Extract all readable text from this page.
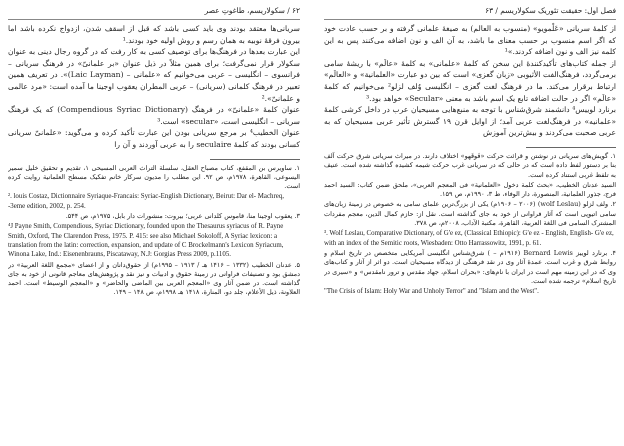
۶۲ / سکولاریسم، طاغوتِ عصر

سریانی‌ها معتقد بودند وی باید کسی باشد که قبل از اسقف شدن، ازدواج نکرده باشد اما بیرون فرقهٔ نوبیه به همان رسم و روش اولیه خود بودند.¹

این عبارت بعدها در فرهنگ‌ها برای توصیف کسی به کار رفت که در گروه رجال دینی به عنوان سکولار قرار نمی‌گرفت؛ برای همین مثلاً در ذیل عنوان «بر علمانیّ» در فرهنگ سریانی – فرانسوی – انگلیسی – عربی می‌خوانیم که «علمانی – (Laic Layman)». در تعریف همین تعبیر در فرهنگ کلمانی (سریانی) – عربی المطران یعقوب اوجینا ما آمده است: «مرد عالمی و علمانیّ».²

عنوان کلمهٔ «علمانیّ» در فرهنگ (Compendious Syriac Dictionary) که یک فرهنگ سریانی – انگلیسی است، «secular» است.³

عنوان الخطیب⁴ بر مرجع سریانی بودن این عبارت تأکید کرده و می‌گوید: «علمانیّ سریانی کسانی بودند که کلمهٔ seculaire را به عربی آوردند و آن را

۱. ساویرس بن المقفع، کتاب مصباح العقل، سلسلة التراث العربی المسیحی ۱، تقدیم و تحقیق خلیل سمیر الیسوعی، القاهرة، ۱۹۷۸م، ص ۹۲. این مطلب را مدیون سرکار خانم تفکیک مسطح العلمانیة روایت کرده است.

². louis Costaz, Dictionnaire Syriaque-Francais: Syriac-English Dictionary, Beirut: Dar el- Machreq, -3eme edition, 2002, p. 254.

۳. یعقوب اوجینا منا، قاموس کلدانی عربی؛ بیروت: منشورات دار بابل، ۱۹۷۵م، ص ۵۴۴.

⁴J Payne Smith, Compendious, Syriac Dictionary, founded upon the Thesaurus syriacus of R. Payne Smith, Oxford, The Clarendon Press, 1975. P. 415: see also Michael Sokoloff, A Syriac lexicon: a translation from the latin: correction, expansion, and update of C Brockelmann's Lexicon Syriacum, Winona Lake, Ind.: Eisenenbrauns, Piscataway, N.J: Gorgias Press 2009, p.1105.

۵. عدنان الخطیب (۱۳۳۲ – ۱۴۱۶ هـ / ۱۹۱۳ – ۱۹۹۵م) از حقوق‌دانان و از اعضای «مجمع اللغة العربیة» در دمشق بود و تصنیفات فراوانی در زمینهٔ حقوق و ادبیات و نیز نقد و پژوهش‌های معاجم قانونی از خود به جای گذاشته است. در ضمن آثار وی «المعجم العربی بین الماضی والحاضر» و «المعجم الوسیط» است. احمد العلاونة، ذیل الأعلام، جلد دو، المنارة، ۱۴۱۸ هـ ۱۹۹۸م، ص ۱۴۸ – ۱۴۹.

فصل اول: حقیقت تئوریک سکولاریسم / ۶۳

از کلمهٔ سریانی «عَلْمویو» (منسوب به العالم) به صیغهٔ علمانی گرفته و بر حسب عادت خود که اگر اسم منسوب بر حسب معنای ما باشد، به آن الف و نون اضافه می‌کنند پس به این کلمه نیز الف و نون اضافه کردند.»¹

از جمله کتاب‌های تأکیدکنندهٔ این سخن که کلمهٔ «علمانی» به کلمهٔ «عالَم» با ریشهٔ سامی برمی‌گردد، فرهنگ‌الفت الأثیوبی «زبان گعزی» است که بین دو عبارت «العلمانیة» و «العالَم» ارتباط برقرار می‌کند. ما در فرهنگ لغت گعزی – انگلیسی وُلف لزلو² می‌خوانیم که کلمهٔ «عالَم» اگر در حالت اضافه تابع یک اسم باشد به معنی «Secular» خواهد بود.³

برنارد لوییس⁴ دانشمند شرق‌شناس با توجه به منبع‌هایی مسیحیان عرب در داخل کرشی کلمهٔ «علمانیه» در فرهنگ‌لغت عربی آمد؛ از اوایل قرن ۱۹ گسترش تأثیر عربی مسیحیان که به عربی صحبت می‌کردند و بیش‌ترین آموزش

۱. گویش‌های سریانی در نوشتن و قرائت حرکت «فَوقَهو» اختلاف دارند. در میراث سریانی شرق حرکت آلف بنا بر دستور لفظ داده است که در حالی که در سریانی غرب حرکت شیمه کشیده گذاشته شده است. عنیف به تلفظ غربی استناد کرده است.

السید عدنان الخطیب، «بحث کلمة دخول «العلمانیة» فی المعجم العربی»، ملحق ضمن کتاب: السید احمد فرج، جذور العلمانیة، المنصورة، دار الوفاء، ط ۳، ۱۹۹۰م، ص ۱۵۹.

۲. ولف لزلو (wolf Leslau) (۱۹۰۶ – ۲۰۰۶م) یکی از بزرگ‌ترین علمای سامی به خصوص در زمینهٔ زبان‌های سامی اتیوپی است که آثار فراوانی از خود به جای گذاشته است. نقل از: حازم کمال الدین، معجم مفردات المشترک السامی فی اللغة العربیة، القاهرة، مکتبة الآداب، ۲۰۰۸م، ص ۳۷۸.

³. Wolf Leslau, Comparative Dictionary, of G'e ez, (Classical Ethiopic): G'e ez - English, English- G'e ez, with an index of the Semitic roots, Wiesbaden: Otto Harrassowitz, 1991, p. 61.

۴. برنارد لوییز Bernard Lewis (۱۹۱۶م – ) شرق‌شناس انگلیسی آمریکایی متخصص در تاریخ اسلام و روابط شرق و غرب است. عمدهٔ آثار وی در نقد فرهنگی از دیدگاه مسیحیان است. دو اثر از آثار و کتاب‌های وی که در این زمینه مهم است در ایران با نام‌های: «بحران اسلام، جهاد مقدس و ترور نامقدس» و «سیری در تاریخ اسلام» ترجمه شده است.

"The Crisis of Islam: Holy War and Unholy Terror" and "Islam and the West".
